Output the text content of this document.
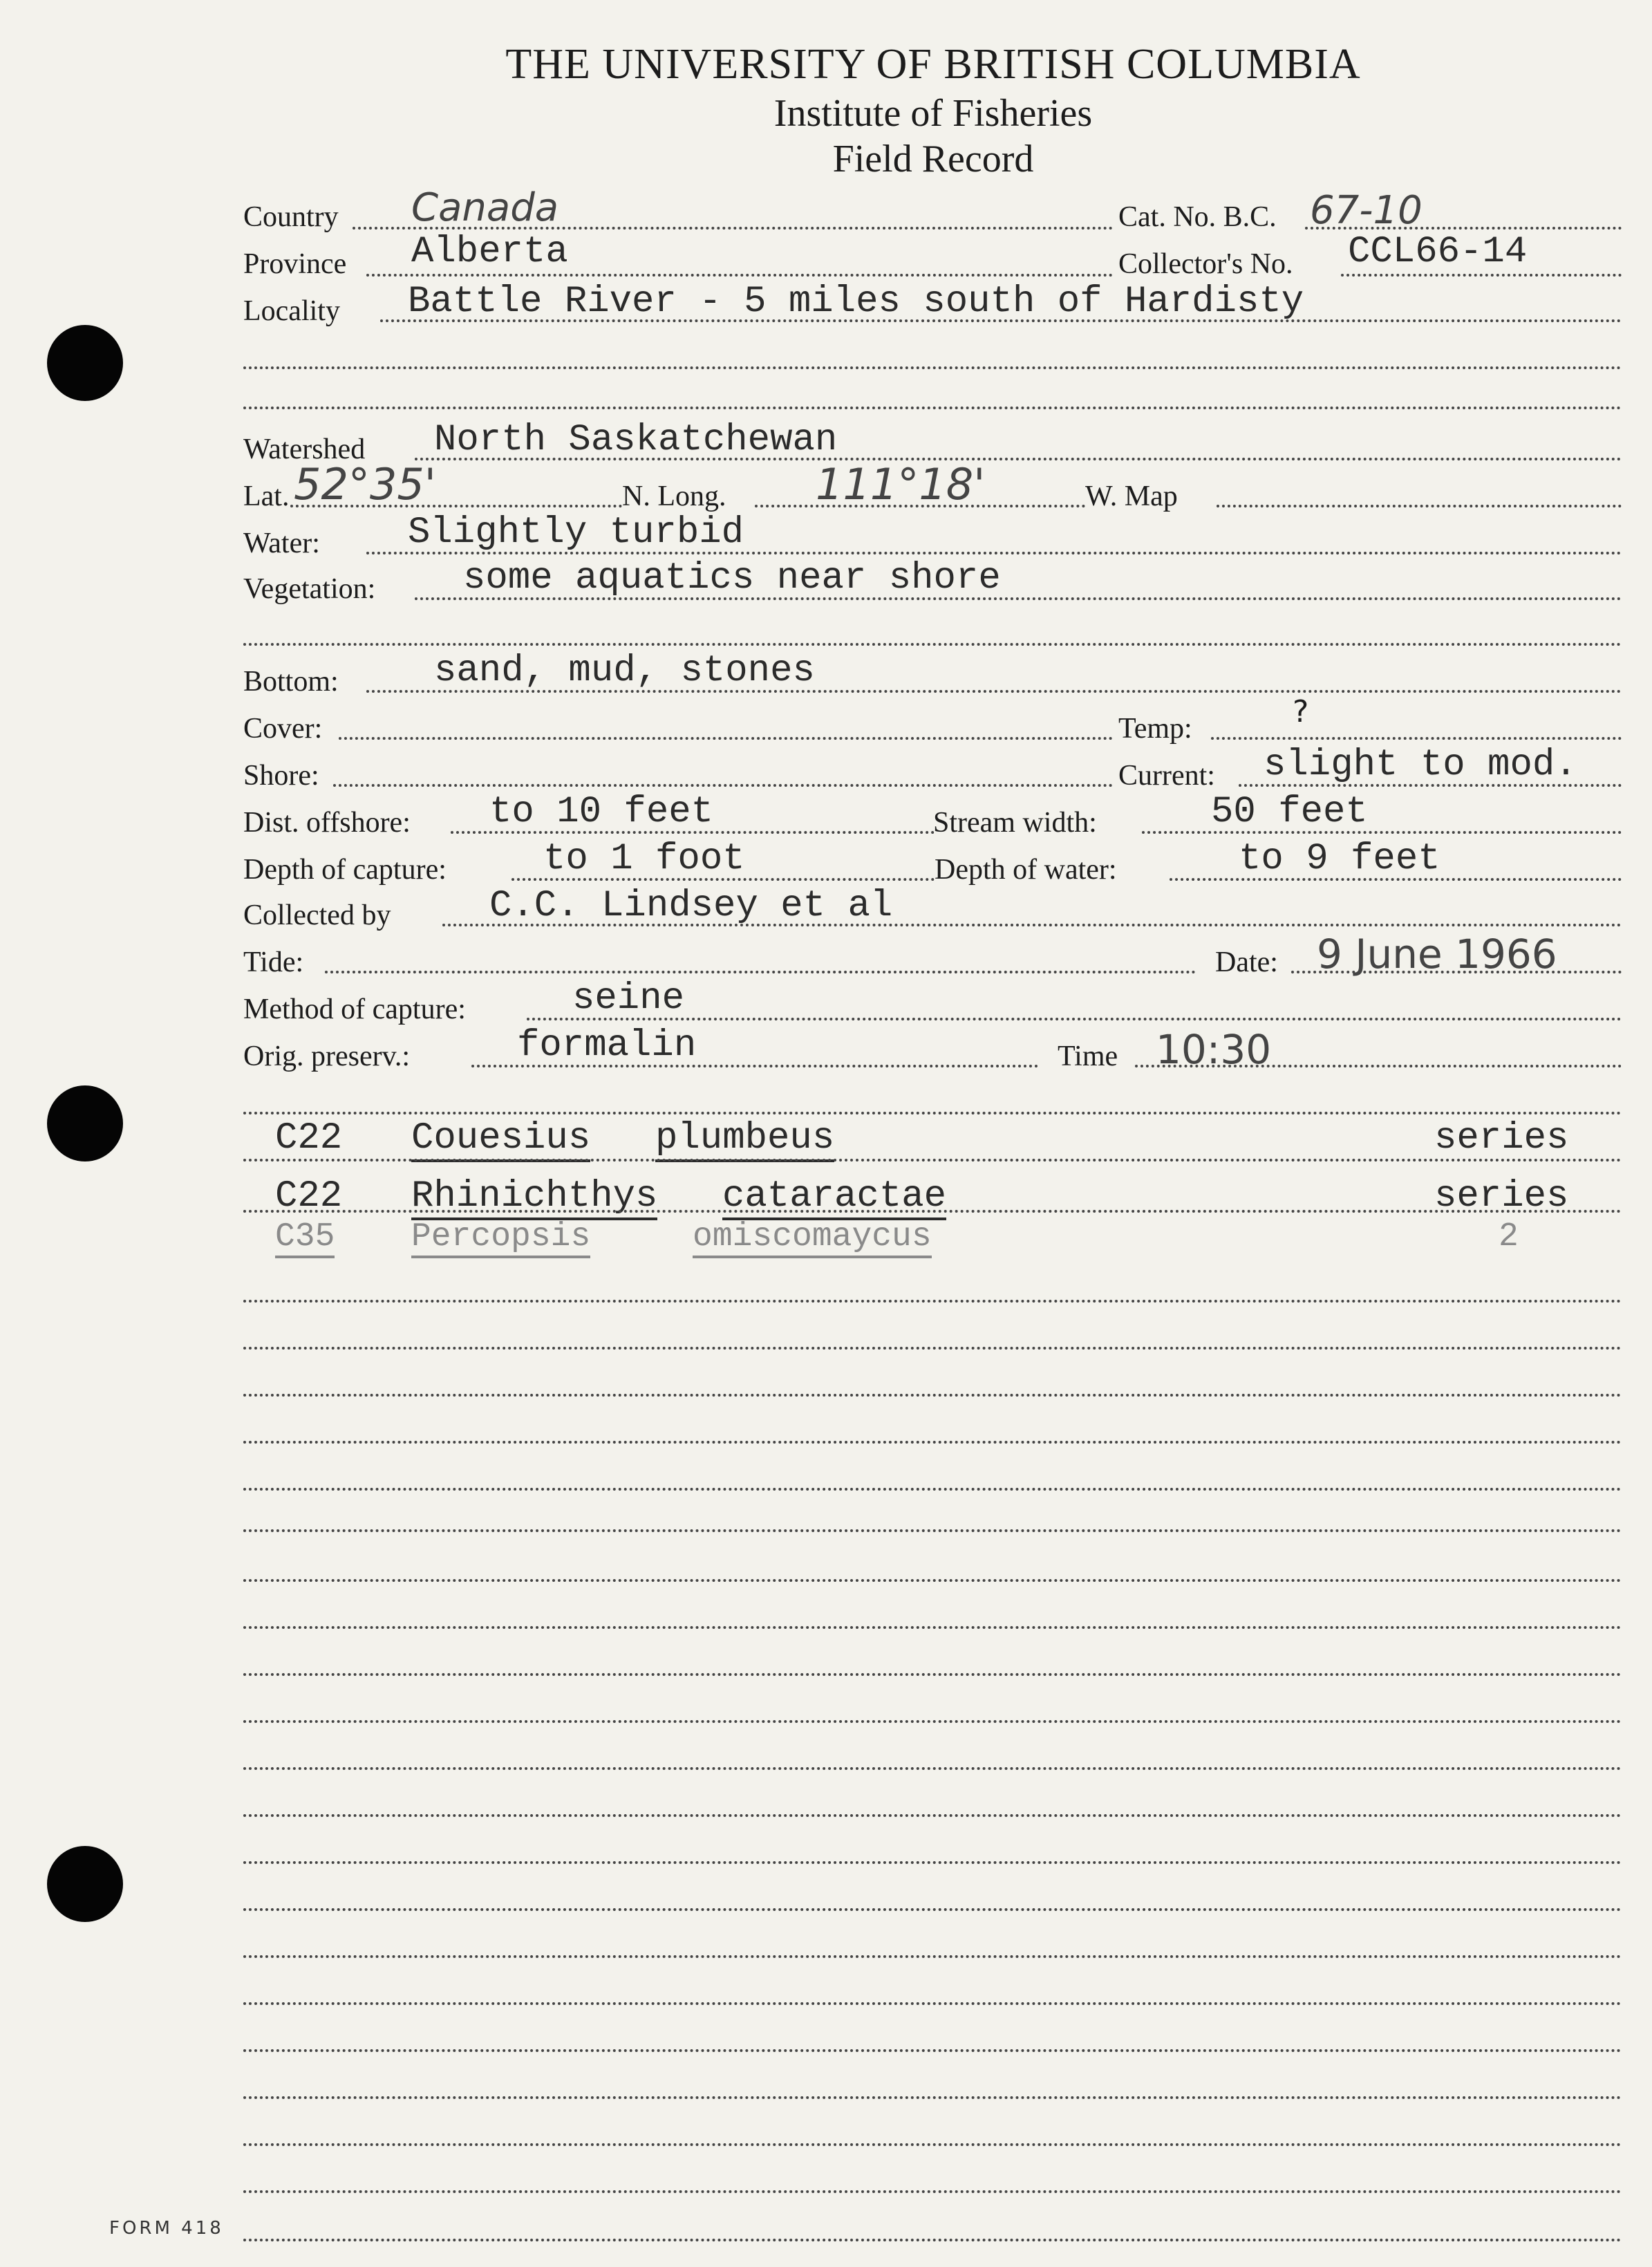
THE UNIVERSITY OF BRITISH COLUMBIA
Institute of Fisheries
Field Record
Country Canada	Cat. No. B.C. 67-10
Province Alberta	Collector's No. CCL66-14
Locality Battle River - 5 miles south of Hardisty
Watershed North Saskatchewan
Lat. 52°35'	N. Long. 111°18'	W. Map
Water: Slightly turbid
Vegetation: some aquatics near shore
Bottom:	sand, mud, stones
Cover:	Temp:	?
Shore:	Current: slight to mod.
Dist. offshore: to 10 feet	Stream width:	50 feet
Depth of capture:	to 1 foot	Depth of water:	to 9 feet
Collected by	C.C. Lindsey et al
Tide:	Date: 9 June 1966
Method of capture:	seine
Orig. preserv.:	formalin	Time 10:30
C22 Couesius plumbeus	series
C22 Rhinichthys cataractae	series
C35 Percopsis	omiscomaycus	2
FORM 418
